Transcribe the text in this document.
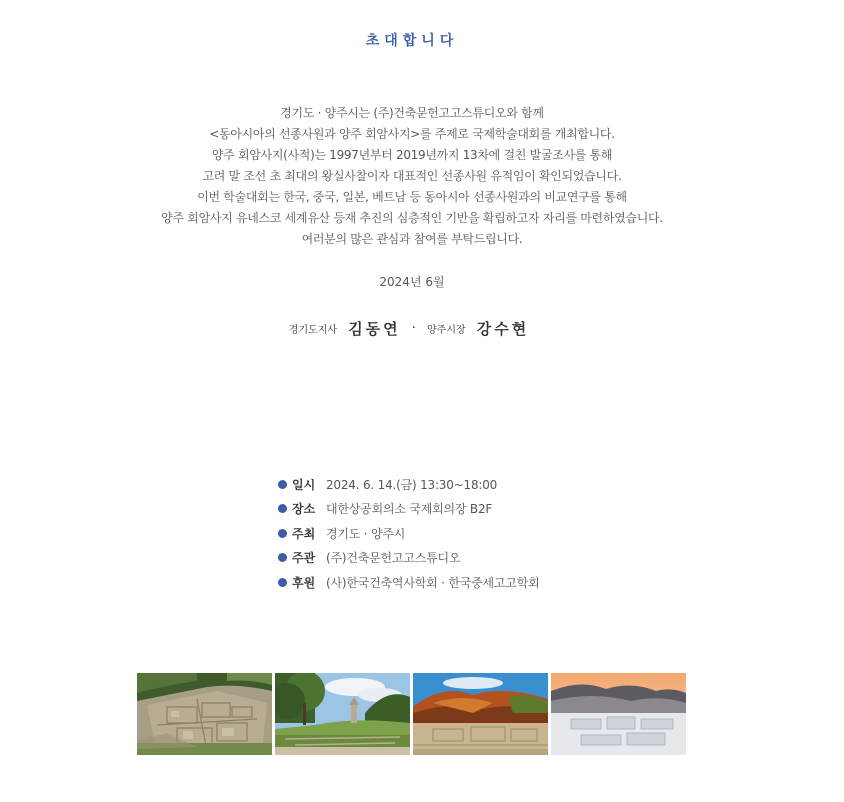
초대합니다
경기도 · 양주시는 (주)건축문헌고고스튜디오와 함께
<동아시아의 선종사원과 양주 회암사지>를 주제로 국제학술대회를 개최합니다.
양주 회암사지(사적)는 1997년부터 2019년까지 13차에 걸친 발굴조사를 통해
고려 말 조선 초 최대의 왕실사찰이자 대표적인 선종사원 유적임이 확인되었습니다.
이번 학술대회는 한국, 중국, 일본, 베트남 등 동아시아 선종사원과의 비교연구를 통해
양주 회암사지 유네스코 세계유산 등재 추진의 심층적인 기반을 확립하고자 자리를 마련하였습니다.
여러분의 많은 관심과 참여를 부탁드립니다.
2024년 6월
경기도지사 김동연 · 양주시장 강수현
일시 2024. 6. 14.(금) 13:30~18:00
장소 대한상공회의소 국제회의장 B2F
주최 경기도 · 양주시
주관 (주)건축문헌고고스튜디오
후원 (사)한국건축역사학회 · 한국중세고고학회
